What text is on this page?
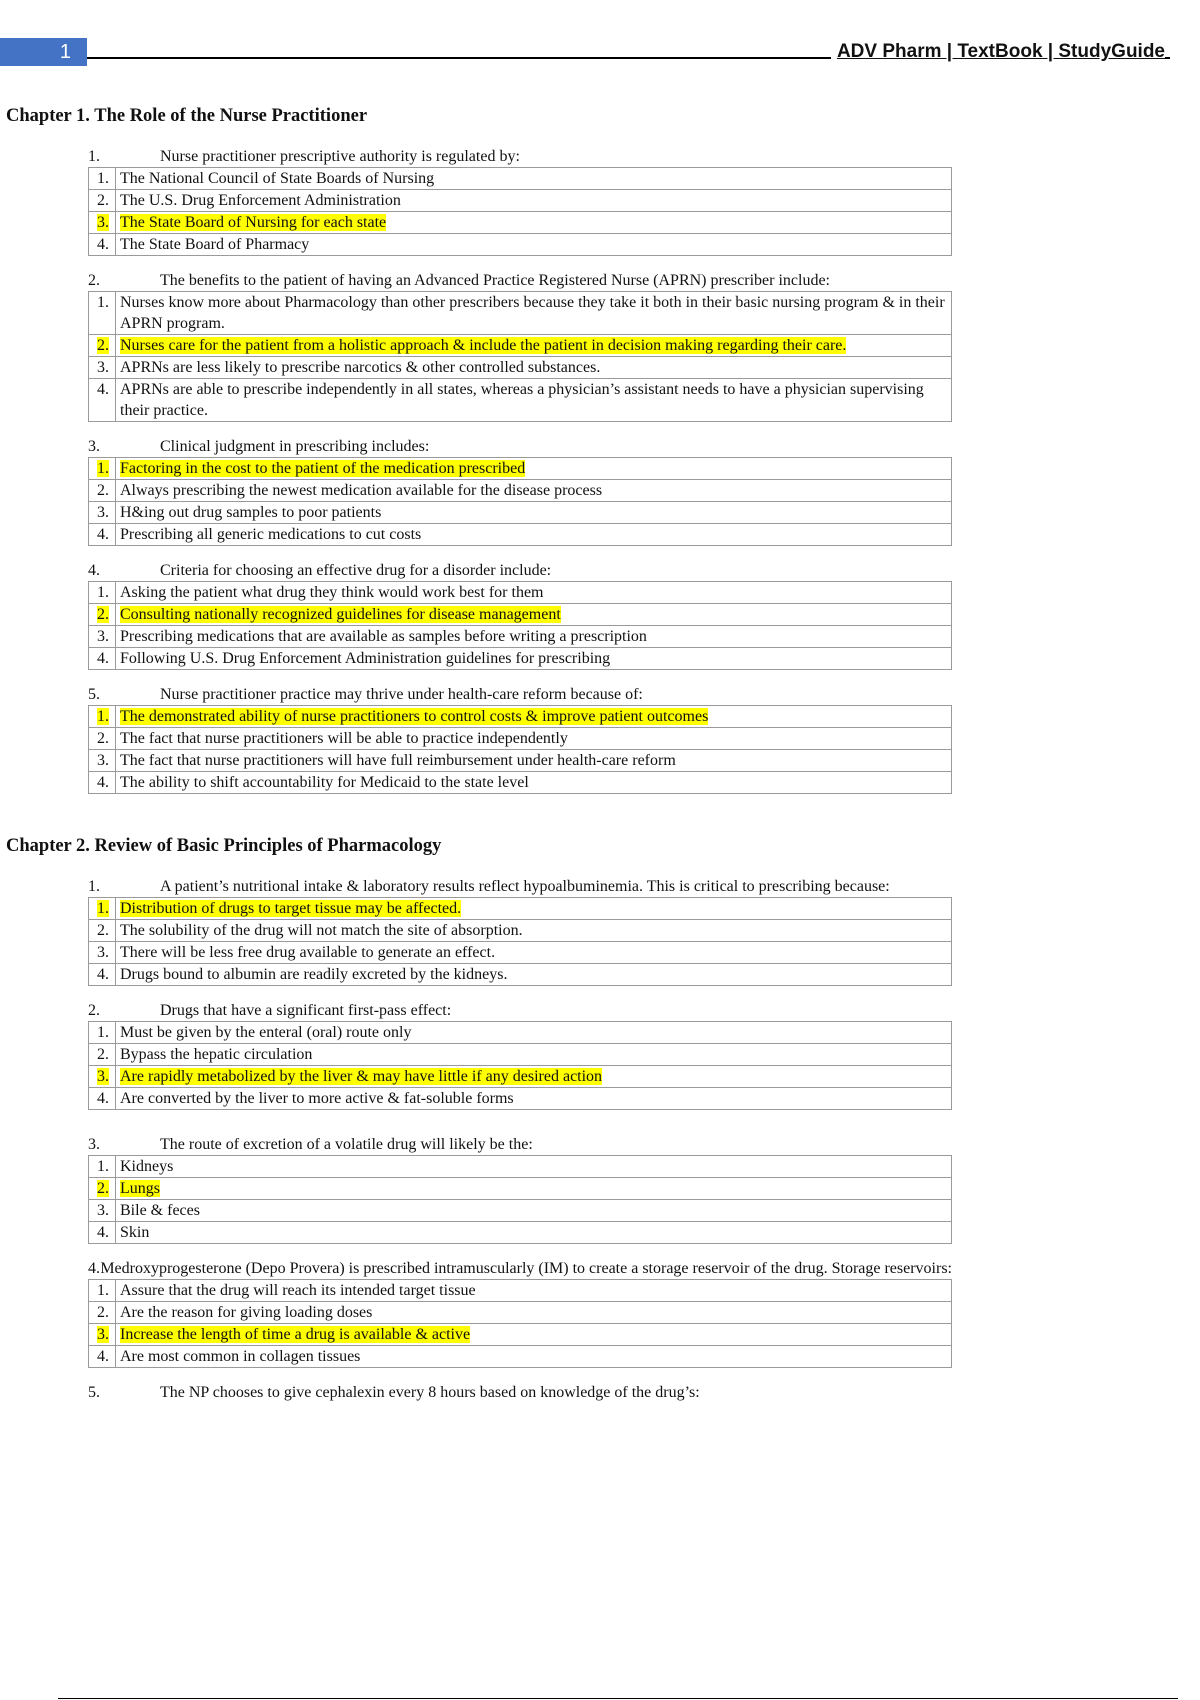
1	ADV Pharm | TextBook | StudyGuide
Chapter 1. The Role of the Nurse Practitioner
1.	Nurse practitioner prescriptive authority is regulated by:
1.	The National Council of State Boards of Nursing
2.	The U.S. Drug Enforcement Administration
3.	The State Board of Nursing for each state
4.	The State Board of Pharmacy
2.	The benefits to the patient of having an Advanced Practice Registered Nurse (APRN) prescriber include:
1.	Nurses know more about Pharmacology than other prescribers because they take it both in their basic nursing program & in their APRN program.
2.	Nurses care for the patient from a holistic approach & include the patient in decision making regarding their care.
3.	APRNs are less likely to prescribe narcotics & other controlled substances.
4.	APRNs are able to prescribe independently in all states, whereas a physician’s assistant needs to have a physician supervising their practice.
3.	Clinical judgment in prescribing includes:
1.	Factoring in the cost to the patient of the medication prescribed
2.	Always prescribing the newest medication available for the disease process
3.	H&ing out drug samples to poor patients
4.	Prescribing all generic medications to cut costs
4.	Criteria for choosing an effective drug for a disorder include:
1.	Asking the patient what drug they think would work best for them
2.	Consulting nationally recognized guidelines for disease management
3.	Prescribing medications that are available as samples before writing a prescription
4.	Following U.S. Drug Enforcement Administration guidelines for prescribing
5.	Nurse practitioner practice may thrive under health-care reform because of:
1.	The demonstrated ability of nurse practitioners to control costs & improve patient outcomes
2.	The fact that nurse practitioners will be able to practice independently
3.	The fact that nurse practitioners will have full reimbursement under health-care reform
4.	The ability to shift accountability for Medicaid to the state level
Chapter 2. Review of Basic Principles of Pharmacology
1.	A patient’s nutritional intake & laboratory results reflect hypoalbuminemia. This is critical to prescribing because:
1.	Distribution of drugs to target tissue may be affected.
2.	The solubility of the drug will not match the site of absorption.
3.	There will be less free drug available to generate an effect.
4.	Drugs bound to albumin are readily excreted by the kidneys.
2.	Drugs that have a significant first-pass effect:
1.	Must be given by the enteral (oral) route only
2.	Bypass the hepatic circulation
3.	Are rapidly metabolized by the liver & may have little if any desired action
4.	Are converted by the liver to more active & fat-soluble forms
3.	The route of excretion of a volatile drug will likely be the:
1.	Kidneys
2.	Lungs
3.	Bile & feces
4.	Skin
4. Medroxyprogesterone (Depo Provera) is prescribed intramuscularly (IM) to create a storage reservoir of the drug. Storage reservoirs:
1.	Assure that the drug will reach its intended target tissue
2.	Are the reason for giving loading doses
3.	Increase the length of time a drug is available & active
4.	Are most common in collagen tissues
5.	The NP chooses to give cephalexin every 8 hours based on knowledge of the drug’s:
